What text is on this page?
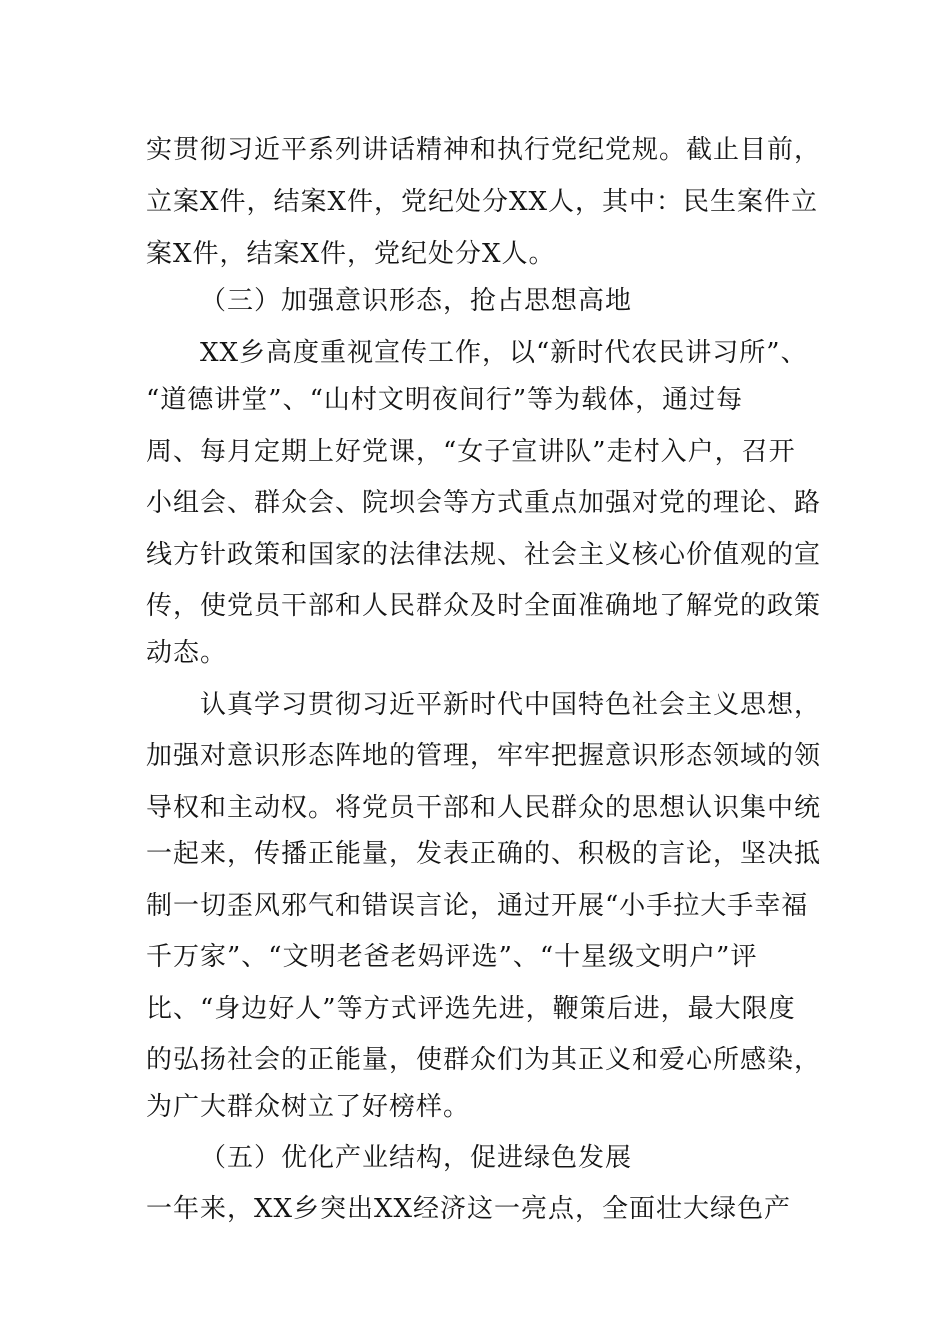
实贯彻习近平系列讲话精神和执行党纪党规。截止目前，
立案X件，结案X件，党纪处分XX人，其中：民生案件立
案X件，结案X件，党纪处分X人。
（三）加强意识形态，抢占思想高地
XX乡高度重视宣传工作，以“新时代农民讲习所”、
“道德讲堂”、“山村文明夜间行”等为载体，通过每
周、每月定期上好党课，“女子宣讲队”走村入户，召开
小组会、群众会、院坝会等方式重点加强对党的理论、路
线方针政策和国家的法律法规、社会主义核心价值观的宣
传，使党员干部和人民群众及时全面准确地了解党的政策
动态。
认真学习贯彻习近平新时代中国特色社会主义思想，
加强对意识形态阵地的管理，牢牢把握意识形态领域的领
导权和主动权。将党员干部和人民群众的思想认识集中统
一起来，传播正能量，发表正确的、积极的言论，坚决抵
制一切歪风邪气和错误言论，通过开展“小手拉大手幸福
千万家”、“文明老爸老妈评选”、“十星级文明户”评
比、“身边好人”等方式评选先进，鞭策后进，最大限度
的弘扬社会的正能量，使群众们为其正义和爱心所感染，
为广大群众树立了好榜样。
（五）优化产业结构，促进绿色发展
一年来，XX乡突出XX经济这一亮点，全面壮大绿色产
